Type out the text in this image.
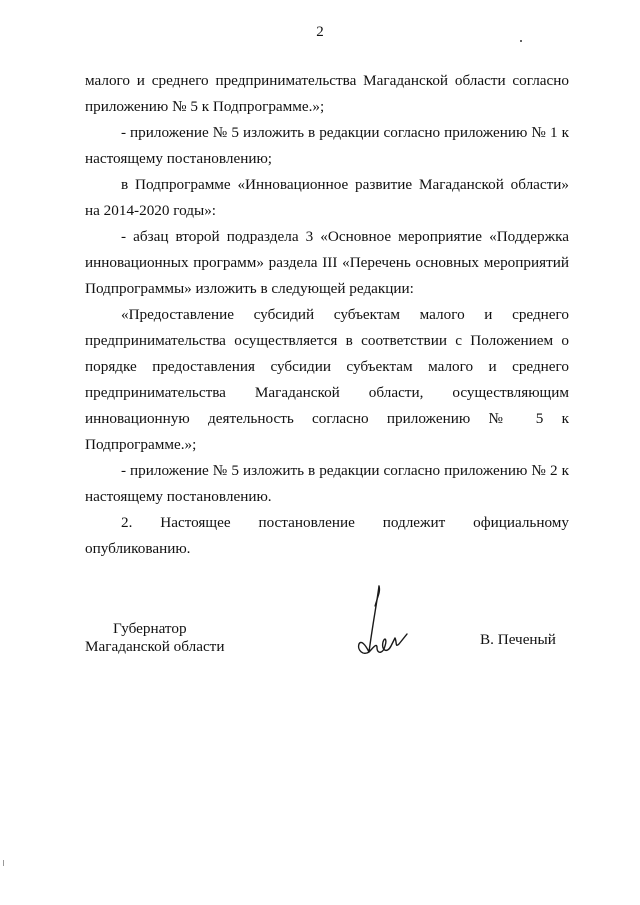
2

малого и среднего предпринимательства Магаданской области согласно приложению № 5 к Подпрограмме.»;

- приложение № 5 изложить в редакции согласно приложению № 1 к настоящему постановлению;

в Подпрограмме «Инновационное развитие Магаданской области» на 2014-2020 годы»:

- абзац второй подраздела 3 «Основное мероприятие «Поддержка инновационных программ» раздела III «Перечень основных мероприятий Подпрограммы» изложить в следующей редакции:

«Предоставление субсидий субъектам малого и среднего предпринимательства осуществляется в соответствии с Положением о порядке предоставления субсидии субъектам малого и среднего предпринимательства Магаданской области, осуществляющим инновационную деятельность согласно приложению № 5 к Подпрограмме.»;

- приложение № 5 изложить в редакции согласно приложению № 2 к настоящему постановлению.

2. Настоящее постановление подлежит официальному опубликованию.

Губернатор
Магаданской области	В. Печеный
